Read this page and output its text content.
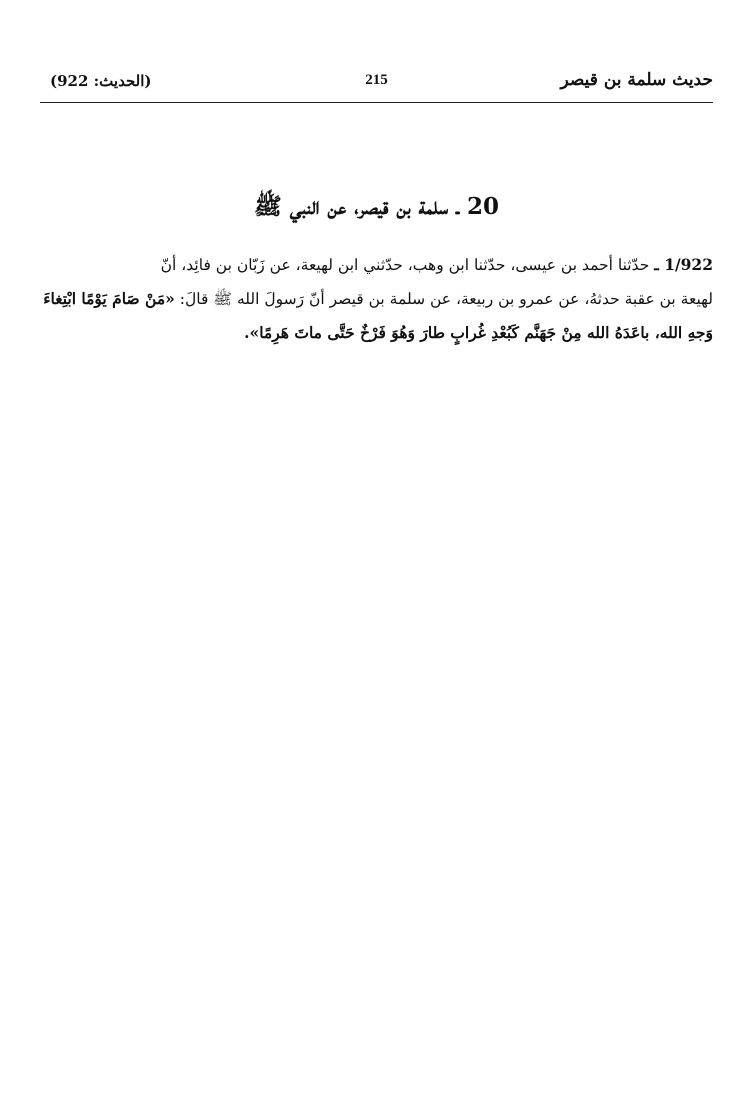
(الحديث: 922)	215	حديث سلمة بن قيصر
20 ـ سلمة بن قيصر، عن النبي ﷺ
1/922 ـ حدّثنا أحمد بن عيسى، حدّثنا ابن وهب، حدّثني ابن لهيعة، عن زَبّان بن فائِد، أنّ
لهيعة بن عقبة حدثهُ، عن عمرو بن ربيعة، عن سلمة بن قيصر أنّ رَسولَ الله ﷺ قالَ: «مَنْ صَامَ يَوْمًا ابْتِغاءَ
وَجهِ الله، باعَدَهُ الله مِنْ جَهَنَّم كَبُعْدِ غُرابٍ طارَ وَهُوَ فَرْخٌ حَتَّى ماتَ هَرِمًا».
